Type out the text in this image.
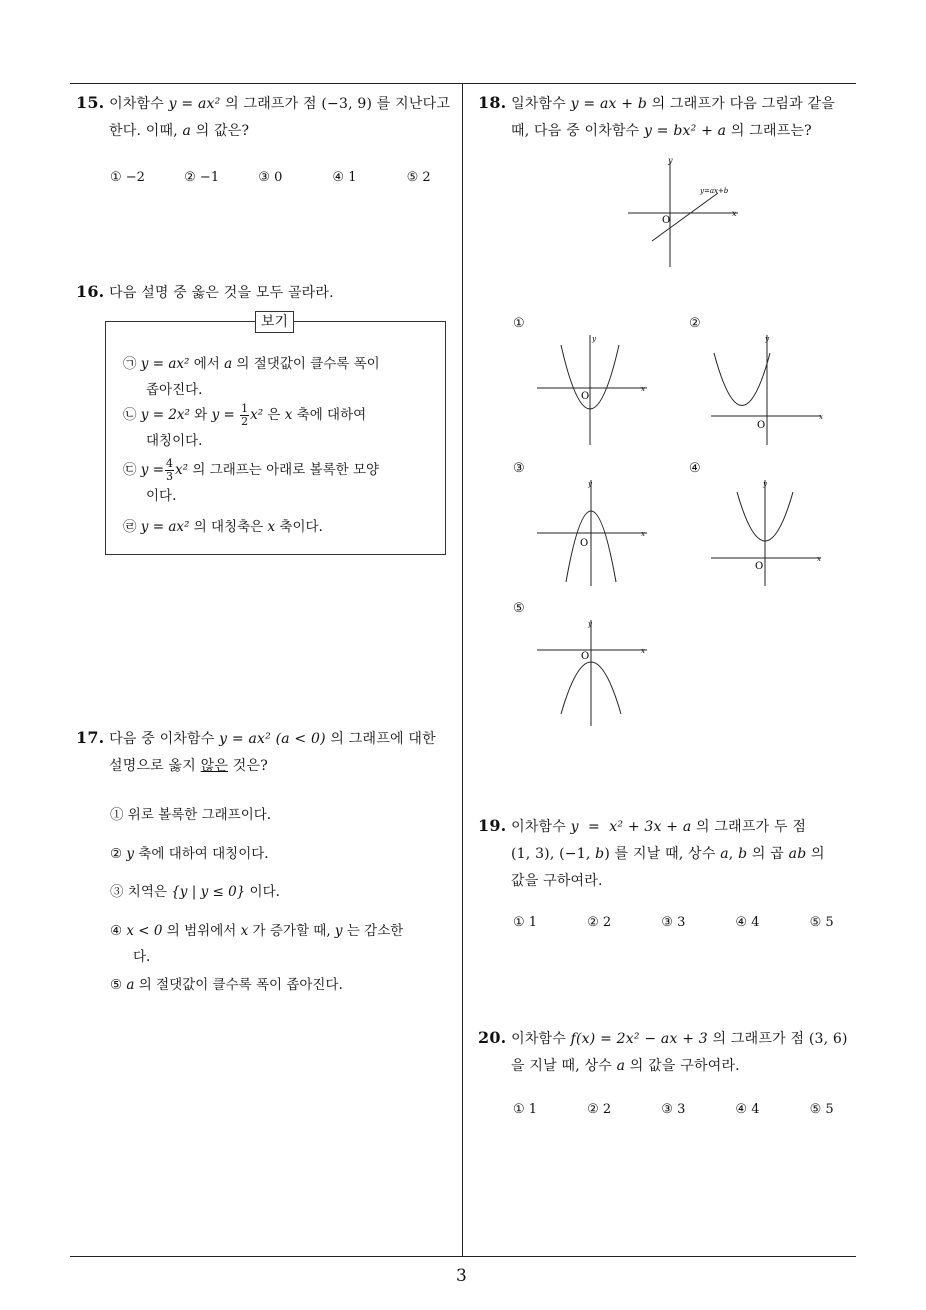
3
15. 이차함수 y = ax² 의 그래프가 점 (−3, 9) 를 지난다고
한다. 이때, a 의 값은?
① −2	② −1	③ 0	④ 1	⑤ 2
16. 다음 설명 중 옳은 것을 모두 골라라.
보기
㉠ y = ax² 에서 a 의 절댓값이 클수록 폭이
좁아진다.
㉡ y = 2x² 와 $y = \frac{1}{2} x^2$ 은 x 축에 대하여
대칭이다.
㉢ $y = \frac{4}{3} x^2$ 의 그래프는 아래로 볼록한 모양
이다.
㉣ y = ax² 의 대칭축은 x 축이다.
17. 다음 중 이차함수 y = ax² (a < 0) 의 그래프에 대한
설명으로 옳지 않은 것은?
① 위로 볼록한 그래프이다.
② y 축에 대하여 대칭이다.
③ 치역은 {y | y ≤ 0} 이다.
④ x < 0 의 범위에서 x 가 증가할 때, y 는 감소한
다.
⑤ a 의 절댓값이 클수록 폭이 좁아진다.
18. 일차함수 y = ax + b 의 그래프가 다음 그림과 같을
때, 다음 중 이차함수 y = bx² + a 의 그래프는?
x
y
O
y=ax+b
①	②
③	④
⑤
x
y
O
x
y
O
x
y
O
x
y
O
x
y
O
19. 이차함수 y  =  x² + 3x + a 의 그래프가 두 점
(1, 3), (−1, b) 를 지날 때, 상수 a, b 의 곱 ab 의
값을 구하여라.
① 1	② 2	③ 3	④ 4	⑤ 5
20. 이차함수 f(x) = 2x² − ax + 3 의 그래프가 점 (3, 6)
을 지날 때, 상수 a 의 값을 구하여라.
① 1	② 2	③ 3	④ 4	⑤ 5
